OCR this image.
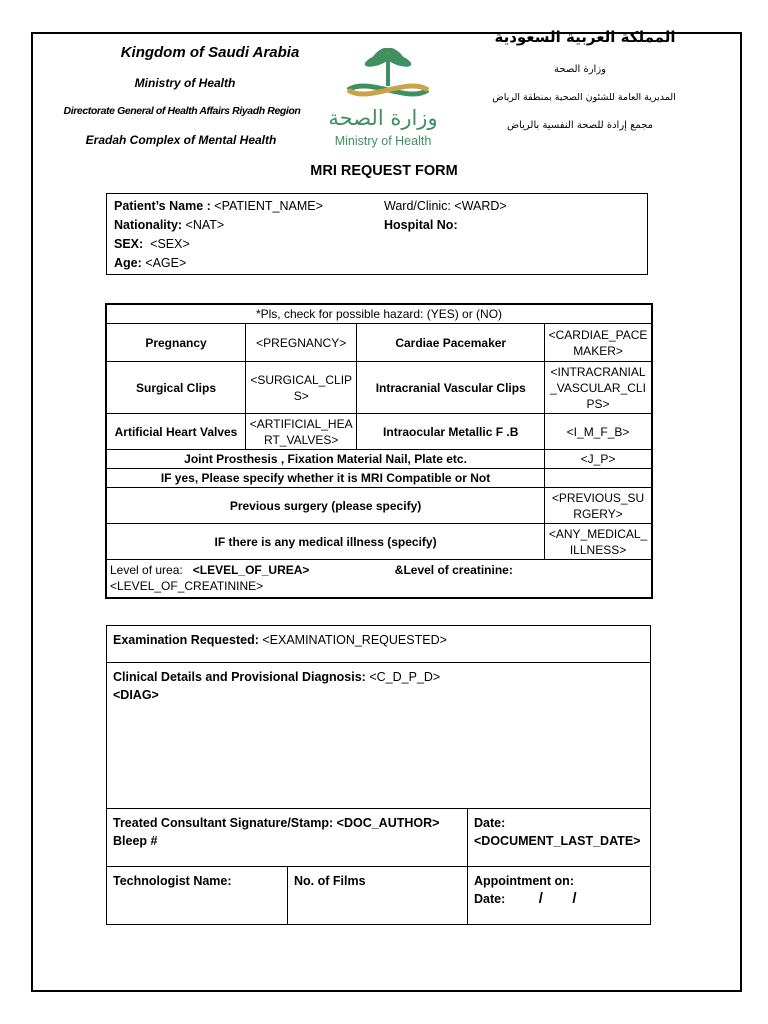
Kingdom of Saudi Arabia
Ministry of Health
Directorate General of Health Affairs Riyadh Region
Eradah Complex of Mental Health
وزارة الصحة
Ministry of Health
المملكة العربية السعودية
وزارة الصحة
المديرية العامة للشئون الصحية بمنطقة الرياض
مجمع إرادة للصحة النفسية بالرياض
MRI REQUEST FORM
Patient’s Name : <PATIENT_NAME>	Ward/Clinic: <WARD>
Nationality: <NAT>	Hospital No:
SEX: <SEX>
Age: <AGE>
*Pls, check for possible hazard: (YES) or (NO)			
Pregnancy	<PREGNANCY>	Cardiae Pacemaker	<CARDIAE_PACEMAKER>
Surgical Clips	<SURGICAL_CLIPS>	Intracranial Vascular Clips	<INTRACRANIAL_VASCULAR_CLIPS>
Artificial Heart Valves	<ARTIFICIAL_HEART_VALVES>	Intraocular Metallic F .B	<I_M_F_B>
Joint Prosthesis , Fixation Material Nail, Plate etc.			<J_P>
IF yes, Please specify whether it is MRI Compatible or Not			
Previous surgery (please specify)			<PREVIOUS_SURGERY>
IF there is any medical illness (specify)			<ANY_MEDICAL_ILLNESS>
Level of urea: <LEVEL_OF_UREA> &Level of creatinine:
<LEVEL_OF_CREATININE>			
Examination Requested: <EXAMINATION_REQUESTED>		
Clinical Details and Provisional Diagnosis: <C_D_P_D>
<DIAG>		
Treated Consultant Signature/Stamp: <DOC_AUTHOR>
Bleep #		Date:
<DOCUMENT_LAST_DATE>
Technologist Name:	No. of Films	Appointment on:
Date: / /
